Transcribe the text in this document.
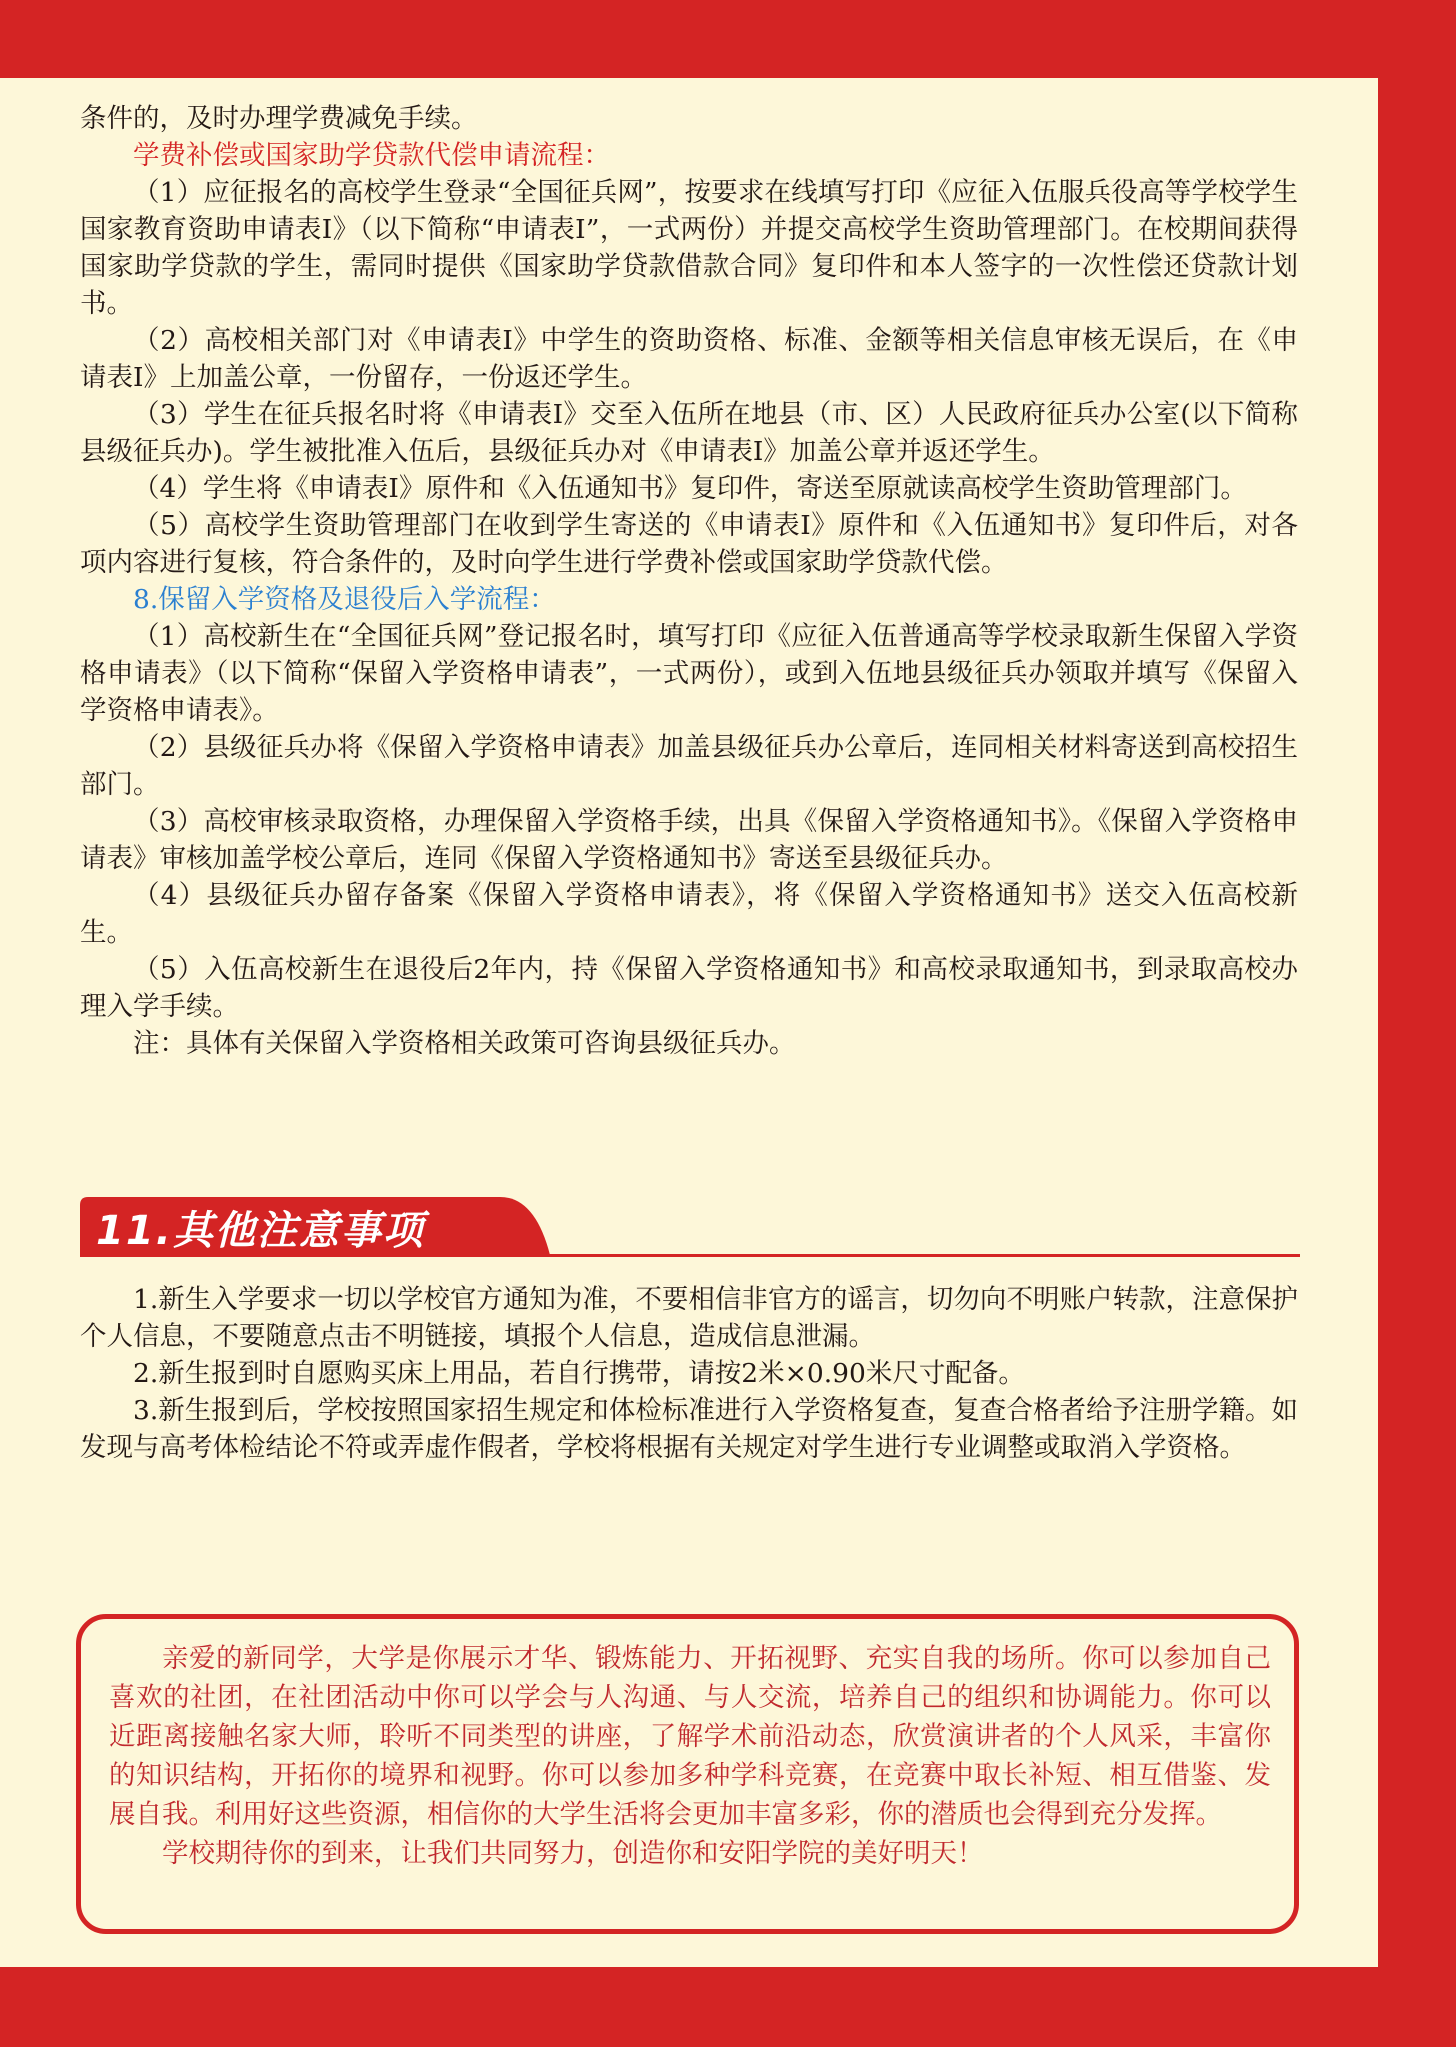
条件的，及时办理学费减免手续。

学费补偿或国家助学贷款代偿申请流程：

（1）应征报名的高校学生登录“全国征兵网”，按要求在线填写打印《应征入伍服兵役高等学校学生国家教育资助申请表Ⅰ》（以下简称“申请表Ⅰ”，一式两份）并提交高校学生资助管理部门。在校期间获得国家助学贷款的学生，需同时提供《国家助学贷款借款合同》复印件和本人签字的一次性偿还贷款计划书。

（2）高校相关部门对《申请表Ⅰ》中学生的资助资格、标准、金额等相关信息审核无误后，在《申请表Ⅰ》上加盖公章，一份留存，一份返还学生。

（3）学生在征兵报名时将《申请表Ⅰ》交至入伍所在地县（市、区）人民政府征兵办公室(以下简称县级征兵办)。学生被批准入伍后，县级征兵办对《申请表Ⅰ》加盖公章并返还学生。

（4）学生将《申请表Ⅰ》原件和《入伍通知书》复印件，寄送至原就读高校学生资助管理部门。

（5）高校学生资助管理部门在收到学生寄送的《申请表Ⅰ》原件和《入伍通知书》复印件后，对各项内容进行复核，符合条件的，及时向学生进行学费补偿或国家助学贷款代偿。

8.保留入学资格及退役后入学流程：

（1）高校新生在“全国征兵网”登记报名时，填写打印《应征入伍普通高等学校录取新生保留入学资格申请表》（以下简称“保留入学资格申请表”，一式两份），或到入伍地县级征兵办领取并填写《保留入学资格申请表》。

（2）县级征兵办将《保留入学资格申请表》加盖县级征兵办公章后，连同相关材料寄送到高校招生部门。

（3）高校审核录取资格，办理保留入学资格手续，出具《保留入学资格通知书》。《保留入学资格申请表》审核加盖学校公章后，连同《保留入学资格通知书》寄送至县级征兵办。

（4）县级征兵办留存备案《保留入学资格申请表》，将《保留入学资格通知书》送交入伍高校新生。

（5）入伍高校新生在退役后2年内，持《保留入学资格通知书》和高校录取通知书，到录取高校办理入学手续。

注：具体有关保留入学资格相关政策可咨询县级征兵办。

11.其他注意事项

1.新生入学要求一切以学校官方通知为准，不要相信非官方的谣言，切勿向不明账户转款，注意保护个人信息，不要随意点击不明链接，填报个人信息，造成信息泄漏。

2.新生报到时自愿购买床上用品，若自行携带，请按2米×0.90米尺寸配备。

3.新生报到后，学校按照国家招生规定和体检标准进行入学资格复查，复查合格者给予注册学籍。如发现与高考体检结论不符或弄虚作假者，学校将根据有关规定对学生进行专业调整或取消入学资格。

亲爱的新同学，大学是你展示才华、锻炼能力、开拓视野、充实自我的场所。你可以参加自己喜欢的社团，在社团活动中你可以学会与人沟通、与人交流，培养自己的组织和协调能力。你可以近距离接触名家大师，聆听不同类型的讲座，了解学术前沿动态，欣赏演讲者的个人风采，丰富你的知识结构，开拓你的境界和视野。你可以参加多种学科竞赛，在竞赛中取长补短、相互借鉴、发展自我。利用好这些资源，相信你的大学生活将会更加丰富多彩，你的潜质也会得到充分发挥。

学校期待你的到来，让我们共同努力，创造你和安阳学院的美好明天！
